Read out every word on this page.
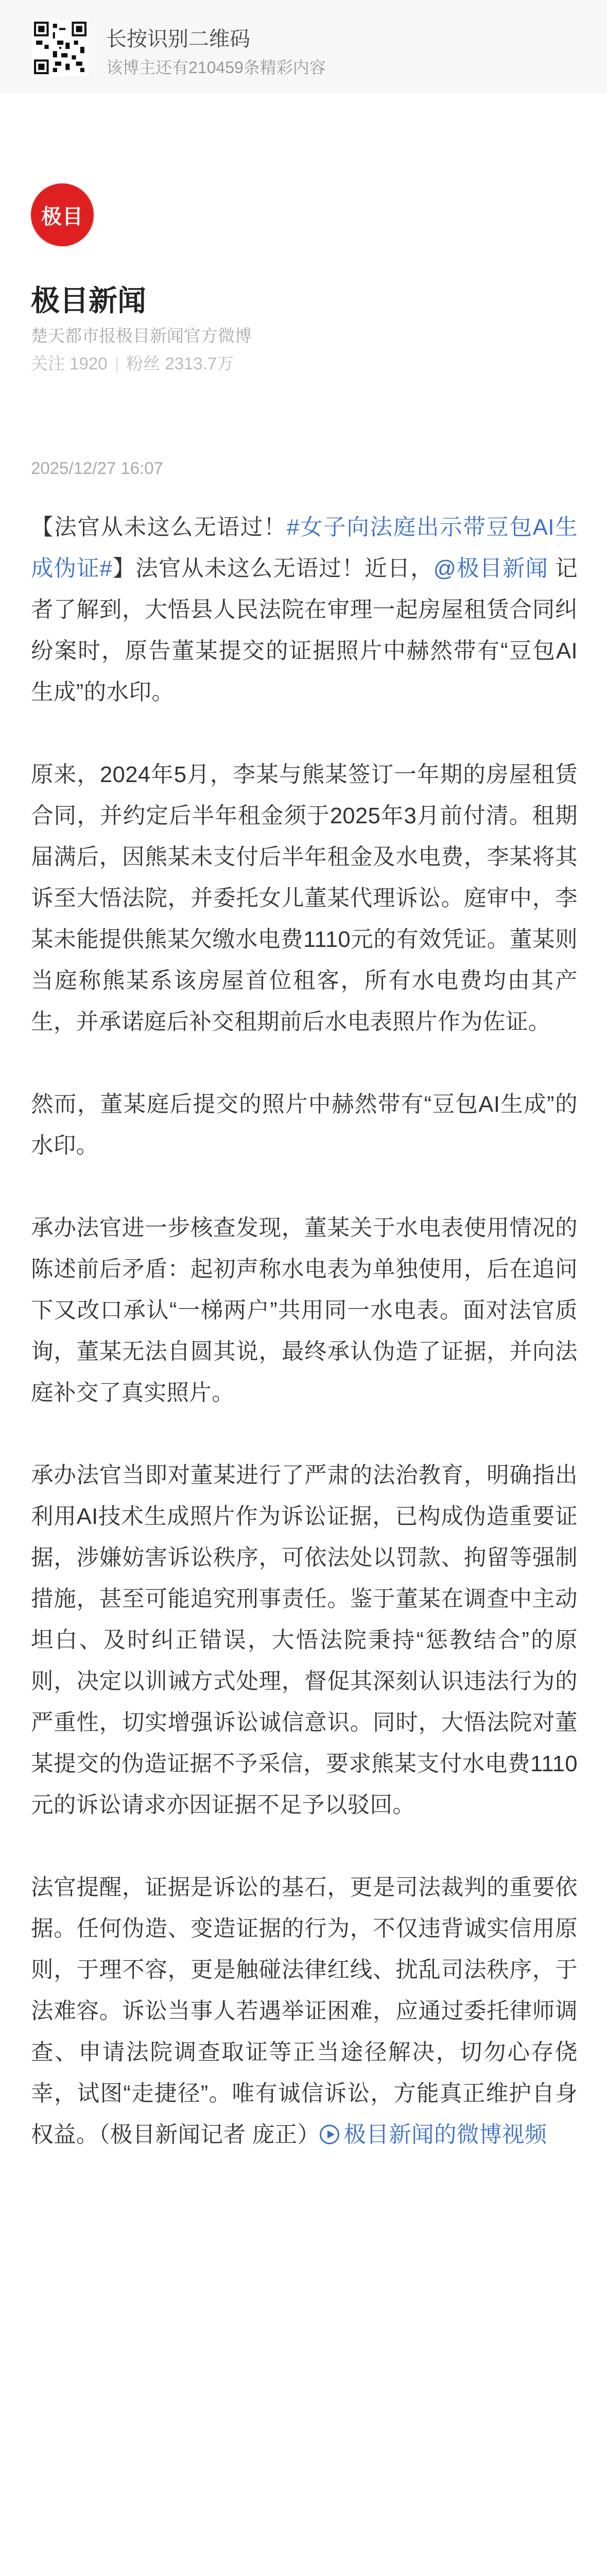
长按识别二维码
该博主还有210459条精彩内容
极目
极目新闻
楚天都市报极目新闻官方微博
关注 1920 | 粉丝 2313.7万
2025/12/27 16:07

【法官从未这么无语过！#女子向法庭出示带豆包AI生成伪证#】法官从未这么无语过！近日，@极目新闻 记者了解到，大悟县人民法院在审理一起房屋租赁合同纠纷案时，原告董某提交的证据照片中赫然带有“豆包AI生成”的水印。

原来，2024年5月，李某与熊某签订一年期的房屋租赁合同，并约定后半年租金须于2025年3月前付清。租期届满后，因熊某未支付后半年租金及水电费，李某将其诉至大悟法院，并委托女儿董某代理诉讼。庭审中，李某未能提供熊某欠缴水电费1110元的有效凭证。董某则当庭称熊某系该房屋首位租客，所有水电费均由其产生，并承诺庭后补交租期前后水电表照片作为佐证。

然而，董某庭后提交的照片中赫然带有“豆包AI生成”的水印。

承办法官进一步核查发现，董某关于水电表使用情况的陈述前后矛盾：起初声称水电表为单独使用，后在追问下又改口承认“一梯两户”共用同一水电表。面对法官质询，董某无法自圆其说，最终承认伪造了证据，并向法庭补交了真实照片。

承办法官当即对董某进行了严肃的法治教育，明确指出利用AI技术生成照片作为诉讼证据，已构成伪造重要证据，涉嫌妨害诉讼秩序，可依法处以罚款、拘留等强制措施，甚至可能追究刑事责任。鉴于董某在调查中主动坦白、及时纠正错误，大悟法院秉持“惩教结合”的原则，决定以训诫方式处理，督促其深刻认识违法行为的严重性，切实增强诉讼诚信意识。同时，大悟法院对董某提交的伪造证据不予采信，要求熊某支付水电费1110元的诉讼请求亦因证据不足予以驳回。

法官提醒，证据是诉讼的基石，更是司法裁判的重要依据。任何伪造、变造证据的行为，不仅违背诚实信用原则，于理不容，更是触碰法律红线、扰乱司法秩序，于法难容。诉讼当事人若遇举证困难，应通过委托律师调查、申请法院调查取证等正当途径解决，切勿心存侥幸，试图“走捷径”。唯有诚信诉讼，方能真正维护自身权益。（极目新闻记者 庞正） 极目新闻的微博视频
